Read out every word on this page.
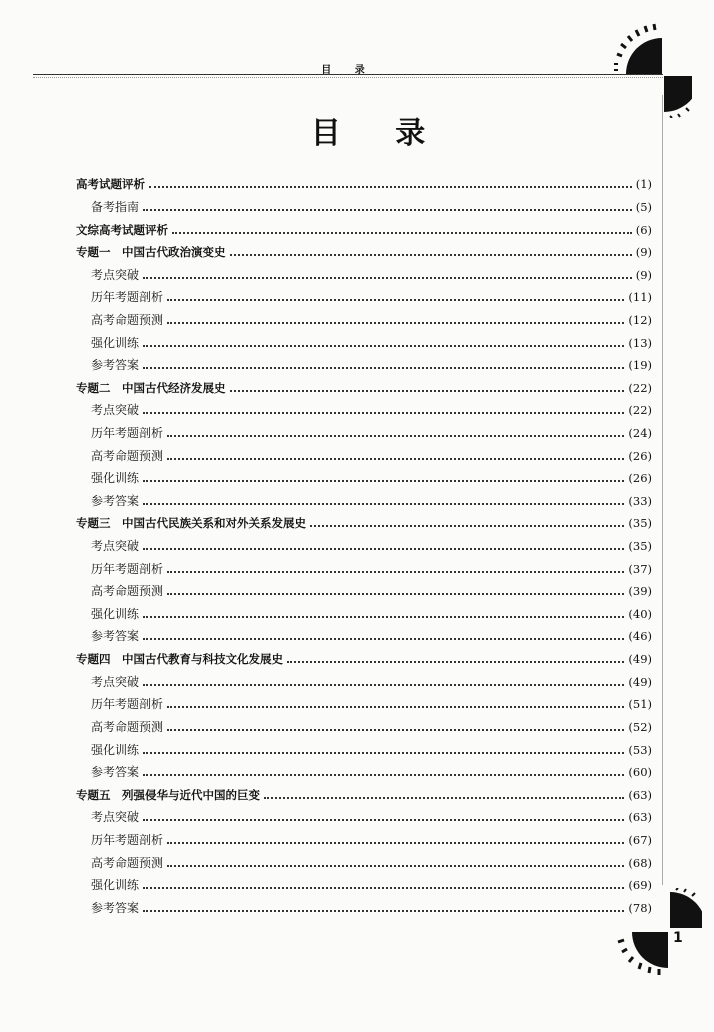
目 录
目 录
高考试题评析	(1)
备考指南	(5)
文综高考试题评析	(6)
专题一　中国古代政治演变史	(9)
考点突破	(9)
历年考题剖析	(11)
高考命题预测	(12)
强化训练	(13)
参考答案	(19)
专题二　中国古代经济发展史	(22)
考点突破	(22)
历年考题剖析	(24)
高考命题预测	(26)
强化训练	(26)
参考答案	(33)
专题三　中国古代民族关系和对外关系发展史	(35)
考点突破	(35)
历年考题剖析	(37)
高考命题预测	(39)
强化训练	(40)
参考答案	(46)
专题四　中国古代教育与科技文化发展史	(49)
考点突破	(49)
历年考题剖析	(51)
高考命题预测	(52)
强化训练	(53)
参考答案	(60)
专题五　列强侵华与近代中国的巨变	(63)
考点突破	(63)
历年考题剖析	(67)
高考命题预测	(68)
强化训练	(69)
参考答案	(78)
1
